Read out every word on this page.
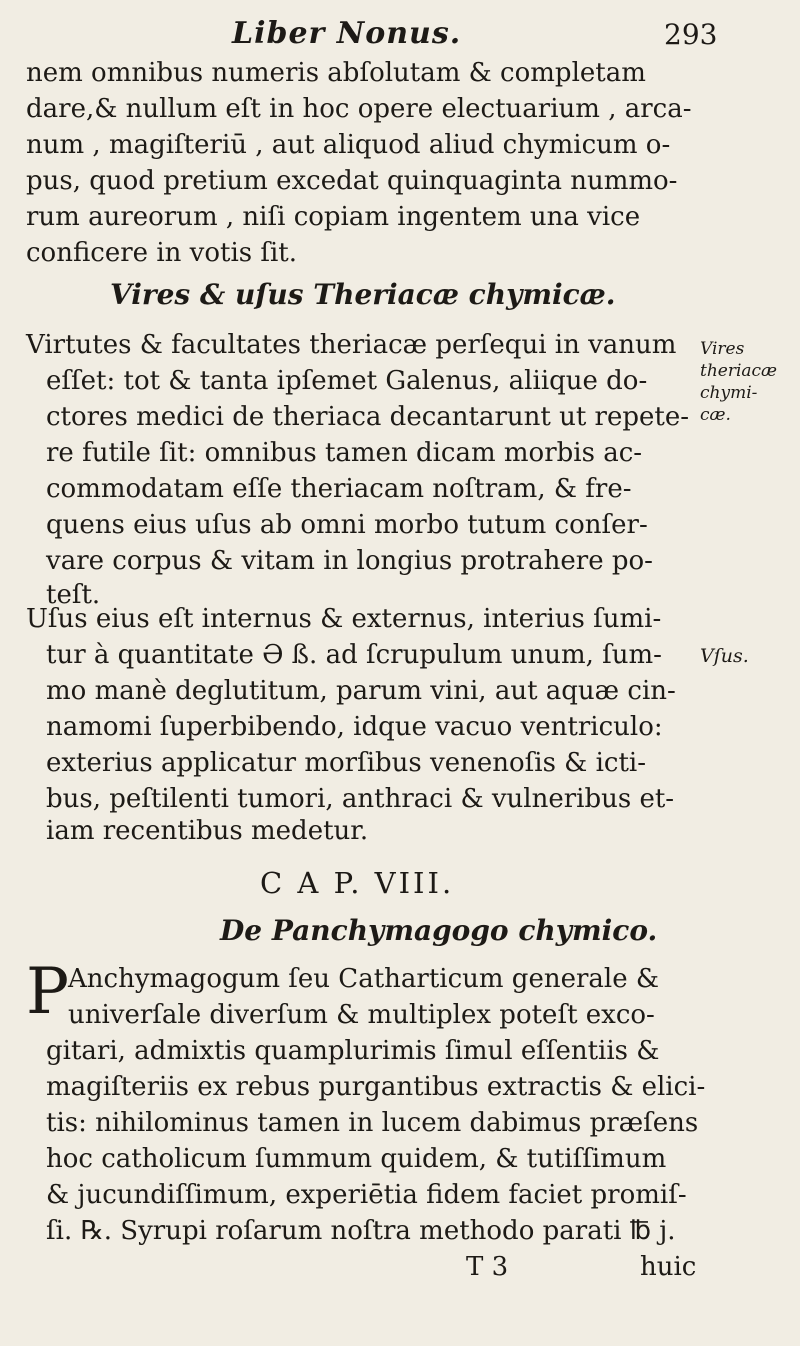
Liber Nonus.	293
nem omnibus numeris abſolutam & completam
dare,& nullum eſt in hoc opere electuarium , arca-
num , magiſteriū , aut aliquod aliud chymicum o-
pus, quod pretium excedat quinquaginta nummo-
rum aureorum , niſi copiam ingentem una vice
conficere in votis ſit.
Vires & uſus Theriacæ chymicæ.
Virtutes & facultates theriacæ perſequi in vanum
eſſet: tot & tanta ipſemet Galenus, aliique do-
ctores medici de theriaca decantarunt ut repete-
re futile ſit: omnibus tamen dicam morbis ac-
commodatam eſſe theriacam noſtram, & fre-
quens eius uſus ab omni morbo tutum conſer-
vare corpus & vitam in longius protrahere po-
teſt.
Uſus eius eſt internus & externus, interius ſumi-
tur à quantitate Ə ß. ad ſcrupulum unum, ſum-
mo manè deglutitum, parum vini, aut aquæ cin-
namomi ſuperbibendo, idque vacuo ventriculo:
exterius applicatur morſibus venenoſis & icti-
bus, peſtilenti tumori, anthraci & vulneribus et-
iam recentibus medetur.
C A P. VIII.
De Panchymagogo chymico.
P
Anchymagogum ſeu Catharticum generale &
univerſale diverſum & multiplex poteſt exco-
gitari, admixtis quamplurimis ſimul eſſentiis &
magiſteriis ex rebus purgantibus extractis & elici-
tis: nihilominus tamen in lucem dabimus præſens
hoc catholicum ſummum quidem, & tutiſſimum
& jucundiſſimum, experiētia fidem faciet promiſ-
ſi. ℞. Syrupi roſarum noſtra methodo parati ℔ j.
T 3	huic
Vires
theriacæ
chymi-
cæ.
Vſus.
